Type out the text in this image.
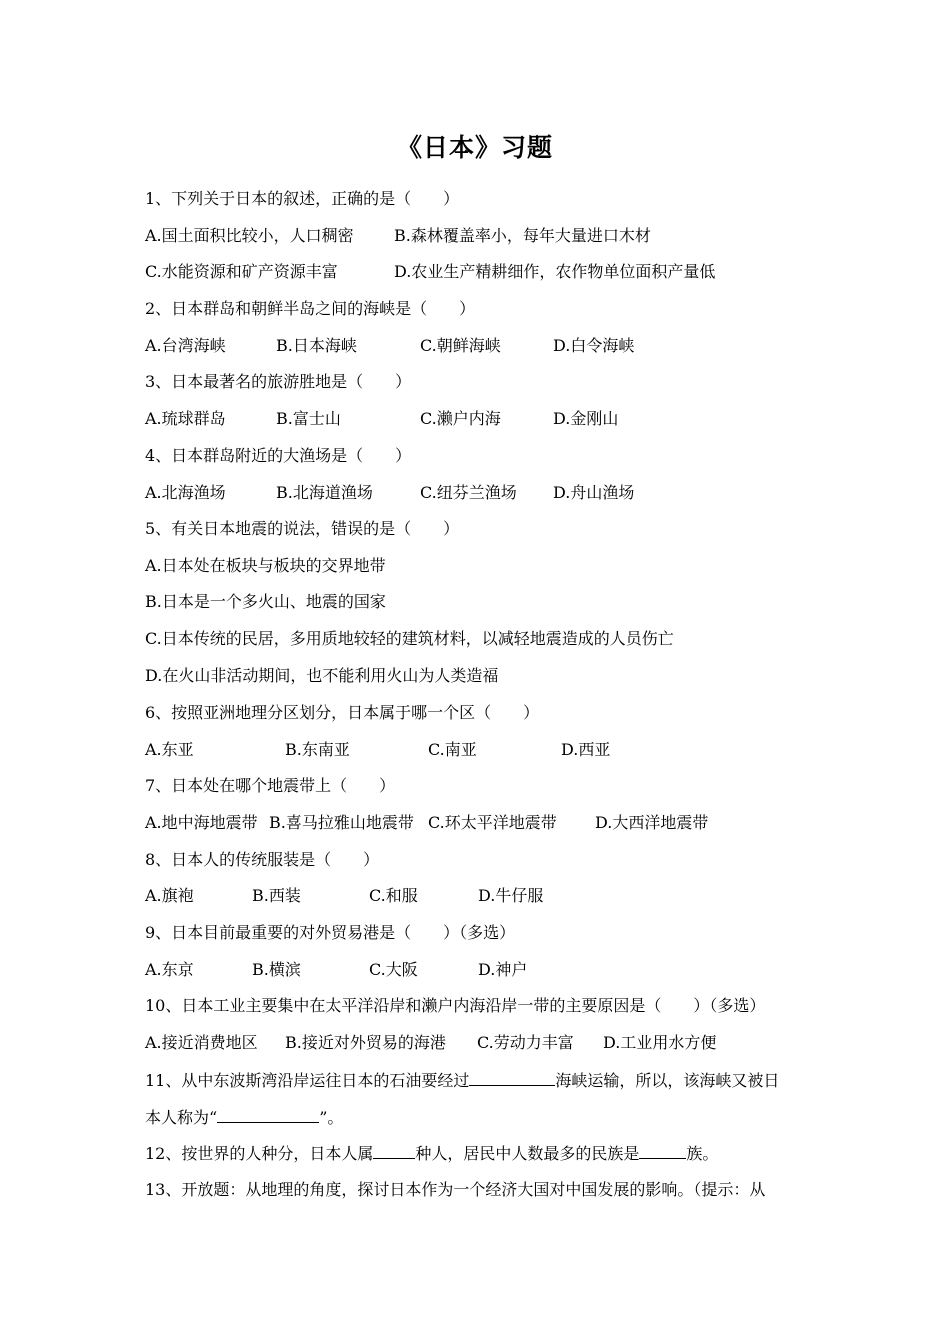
《日本》习题
1、下列关于日本的叙述，正确的是（　　）
A.国土面积比较小，人口稠密	B.森林覆盖率小，每年大量进口木材
C.水能资源和矿产资源丰富	D.农业生产精耕细作，农作物单位面积产量低
2、日本群岛和朝鲜半岛之间的海峡是（　　）
A.台湾海峡	B.日本海峡	C.朝鲜海峡	D.白令海峡
3、日本最著名的旅游胜地是（　　）
A.琉球群岛	B.富士山	C.濑户内海	D.金刚山
4、日本群岛附近的大渔场是（　　）
A.北海渔场	B.北海道渔场	C.纽芬兰渔场 D.舟山渔场
5、有关日本地震的说法，错误的是（　　）
A.日本处在板块与板块的交界地带
B.日本是一个多火山、地震的国家
C.日本传统的民居，多用质地较轻的建筑材料，以减轻地震造成的人员伤亡
D.在火山非活动期间，也不能利用火山为人类造福
6、按照亚洲地理分区划分，日本属于哪一个区（　　）
A.东亚	B.东南亚	C.南亚	D.西亚
7、日本处在哪个地震带上（　　）
A.地中海地震带 B.喜马拉雅山地震带 C.环太平洋地震带 D.大西洋地震带
8、日本人的传统服装是（　　）
A.旗袍	B.西装	C.和服	D.牛仔服
9、日本目前最重要的对外贸易港是（　　）（多选）
A.东京	B.横滨	C.大阪	D.神户
10、日本工业主要集中在太平洋沿岸和濑户内海沿岸一带的主要原因是（　　）（多选）
A.接近消费地区 B.接近对外贸易的海港 C.劳动力丰富 D.工业用水方便
11、从中东波斯湾沿岸运往日本的石油要经过	海峡运输，所以，该海峡又被日
本人称为“	”。
12、按世界的人种分，日本人属	种人，居民中人数最多的民族是	族。
13、开放题：从地理的角度，探讨日本作为一个经济大国对中国发展的影响。（提示：从
